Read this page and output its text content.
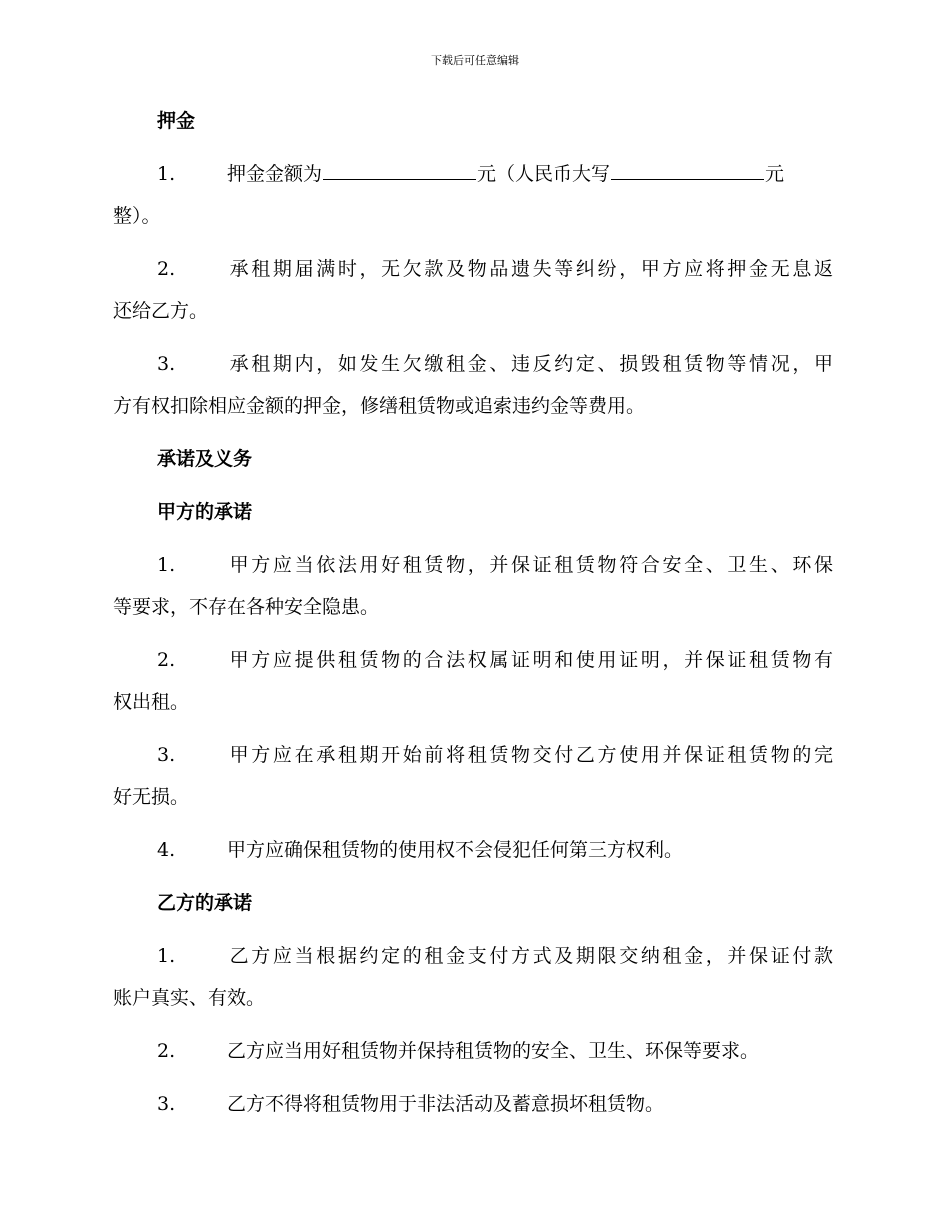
下载后可任意编辑
押金
1.	押金金额为	元（人民币大写	元
整）。
2.	承租期届满时，无欠款及物品遗失等纠纷，甲方应将押金无息返
还给乙方。
3.	承租期内，如发生欠缴租金、违反约定、损毁租赁物等情况，甲
方有权扣除相应金额的押金，修缮租赁物或追索违约金等费用。
承诺及义务
甲方的承诺
1.	甲方应当依法用好租赁物，并保证租赁物符合安全、卫生、环保
等要求，不存在各种安全隐患。
2.	甲方应提供租赁物的合法权属证明和使用证明，并保证租赁物有
权出租。
3.	甲方应在承租期开始前将租赁物交付乙方使用并保证租赁物的完
好无损。
4.	甲方应确保租赁物的使用权不会侵犯任何第三方权利。
乙方的承诺
1.	乙方应当根据约定的租金支付方式及期限交纳租金，并保证付款
账户真实、有效。
2.	乙方应当用好租赁物并保持租赁物的安全、卫生、环保等要求。
3.	乙方不得将租赁物用于非法活动及蓄意损坏租赁物。
